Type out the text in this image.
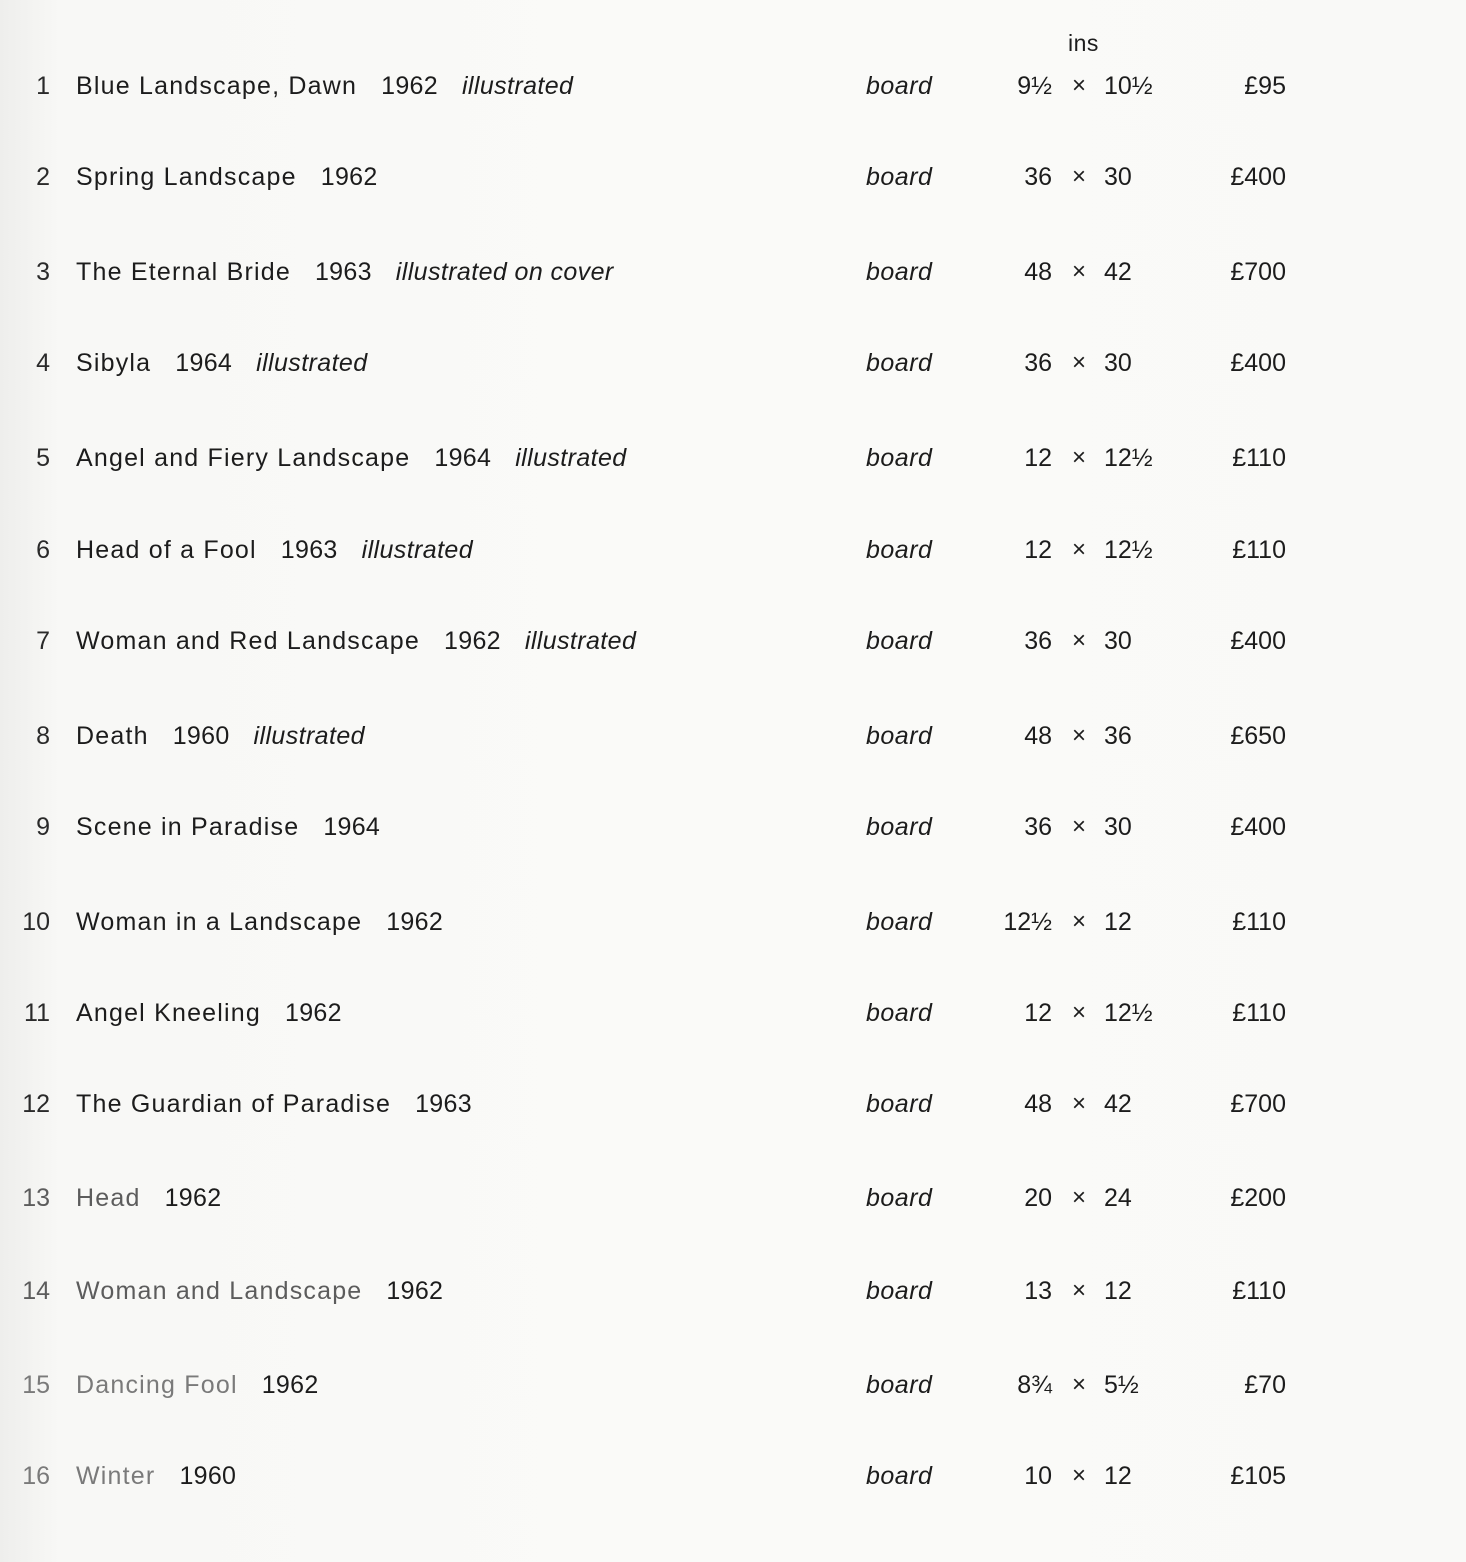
ins
1 Blue Landscape, Dawn 1962 illustrated	board	9½ × 10½	£95
2 Spring Landscape 1962	board	36 × 30	£400
3 The Eternal Bride 1963 illustrated on cover	board	48 × 42	£700
4 Sibyla 1964 illustrated	board	36 × 30	£400
5 Angel and Fiery Landscape 1964 illustrated	board	12 × 12½	£110
6 Head of a Fool 1963 illustrated	board	12 × 12½	£110
7 Woman and Red Landscape 1962 illustrated	board	36 × 30	£400
8 Death 1960 illustrated	board	48 × 36	£650
9 Scene in Paradise 1964	board	36 × 30	£400
10 Woman in a Landscape 1962	board	12½ × 12	£110
11 Angel Kneeling 1962	board	12 × 12½	£110
12 The Guardian of Paradise 1963	board	48 × 42	£700
13 Head 1962	board	20 × 24	£200
14 Woman and Landscape 1962	board	13 × 12	£110
15 Dancing Fool 1962	board	8¾ × 5½	£70
16 Winter 1960	board	10 × 12	£105
